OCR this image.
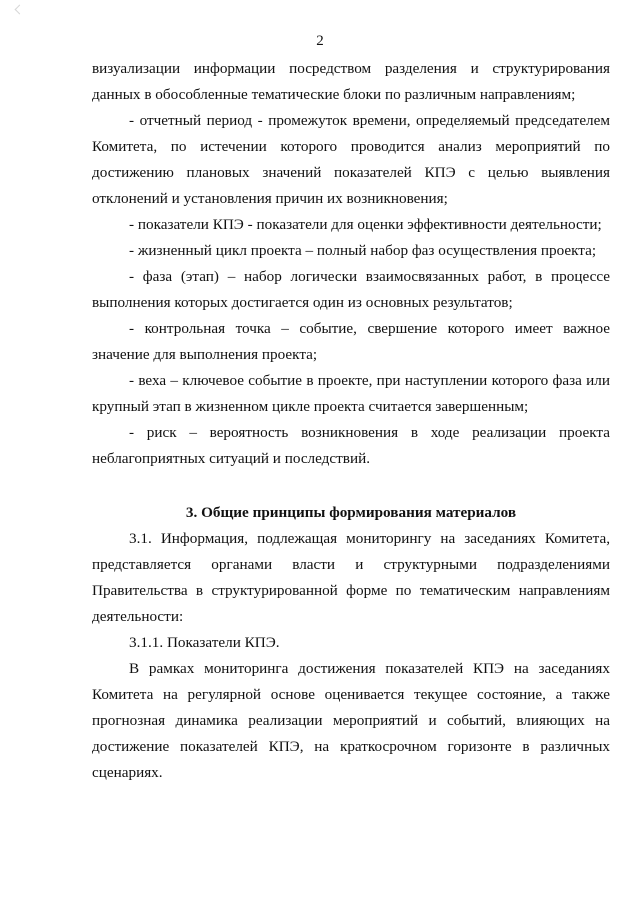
2

визуализации информации посредством разделения и структурирования данных в обособленные тематические блоки по различным направлениям;

- отчетный период - промежуток времени, определяемый председателем Комитета, по истечении которого проводится анализ мероприятий по достижению плановых значений показателей КПЭ с целью выявления отклонений и установления причин их возникновения;

- показатели КПЭ - показатели для оценки эффективности деятельности;

- жизненный цикл проекта – полный набор фаз осуществления проекта;

- фаза (этап) – набор логически взаимосвязанных работ, в процессе выполнения которых достигается один из основных результатов;

- контрольная точка – событие, свершение которого имеет важное значение для выполнения проекта;

- веха – ключевое событие в проекте, при наступлении которого фаза или крупный этап в жизненном цикле проекта считается завершенным;

- риск – вероятность возникновения в ходе реализации проекта неблагоприятных ситуаций и последствий.

3. Общие принципы формирования материалов

3.1. Информация, подлежащая мониторингу на заседаниях Комитета, представляется органами власти и структурными подразделениями Правительства в структурированной форме по тематическим направлениям деятельности:

3.1.1. Показатели КПЭ.

В рамках мониторинга достижения показателей КПЭ на заседаниях Комитета на регулярной основе оценивается текущее состояние, а также прогнозная динамика реализации мероприятий и событий, влияющих на достижение показателей КПЭ, на краткосрочном горизонте в различных сценариях.
